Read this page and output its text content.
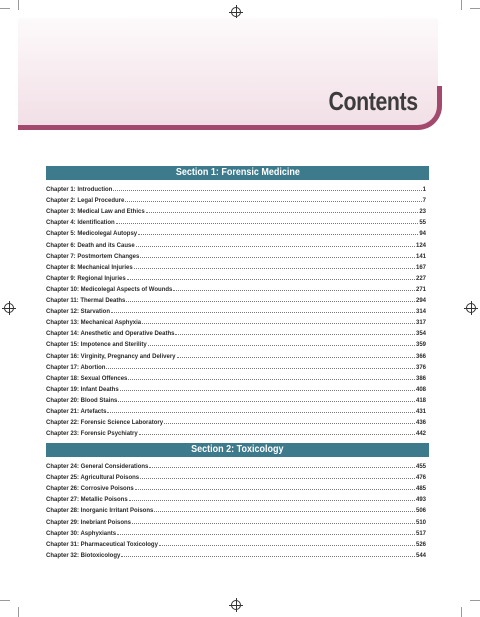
Contents
Section 1: Forensic Medicine
Chapter 1: Introduction	1
Chapter 2: Legal Procedure	7
Chapter 3: Medical Law and Ethics	23
Chapter 4: Identification	55
Chapter 5: Medicolegal Autopsy	94
Chapter 6: Death and its Cause	124
Chapter 7: Postmortem Changes	141
Chapter 8: Mechanical Injuries	167
Chapter 9: Regional Injuries	227
Chapter 10: Medicolegal Aspects of Wounds	271
Chapter 11: Thermal Deaths	294
Chapter 12: Starvation	314
Chapter 13: Mechanical Asphyxia	317
Chapter 14: Anesthetic and Operative Deaths	354
Chapter 15: Impotence and Sterility	359
Chapter 16: Virginity, Pregnancy and Delivery	366
Chapter 17: Abortion	376
Chapter 18: Sexual Offences	386
Chapter 19: Infant Deaths	408
Chapter 20: Blood Stains	418
Chapter 21: Artefacts	431
Chapter 22: Forensic Science Laboratory	436
Chapter 23: Forensic Psychiatry	442
Section 2: Toxicology
Chapter 24: General Considerations	455
Chapter 25: Agricultural Poisons	476
Chapter 26: Corrosive Poisons	485
Chapter 27: Metallic Poisons	493
Chapter 28: Inorganic Irritant Poisons	506
Chapter 29: Inebriant Poisons	510
Chapter 30: Asphyxiants	517
Chapter 31: Pharmaceutical Toxicology	526
Chapter 32: Biotoxicology	544
